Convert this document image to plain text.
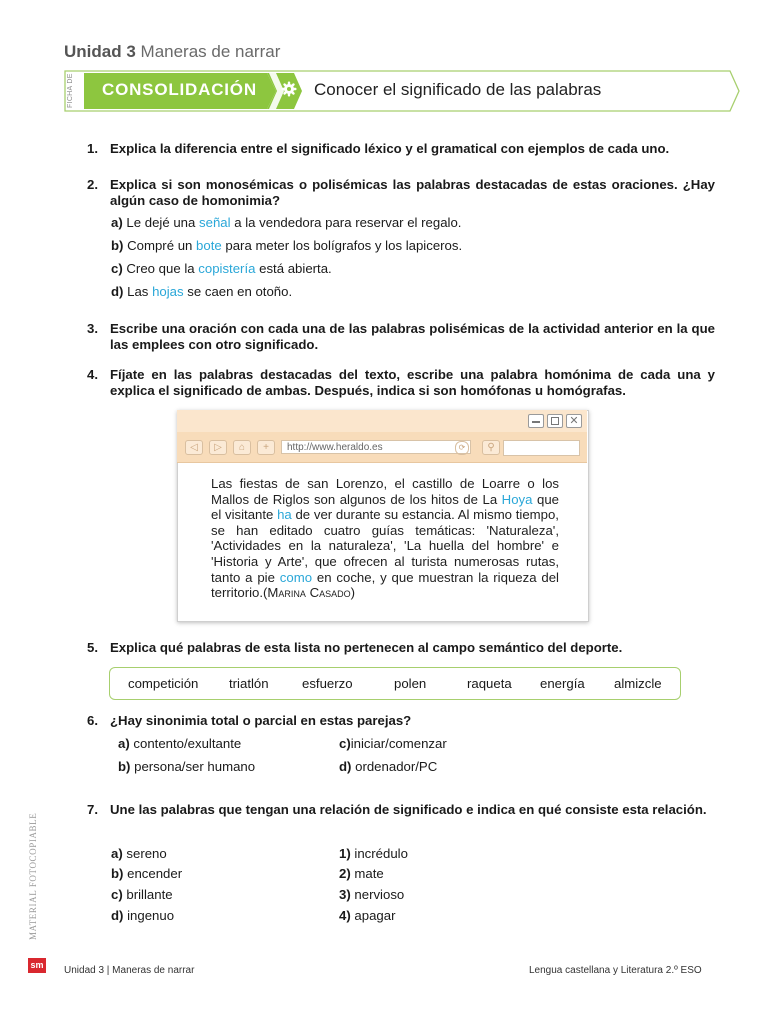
Unidad 3 Maneras de narrar
FICHA DE	CONSOLIDACIÓN	Conocer el significado de las palabras
1. Explica la diferencia entre el significado léxico y el gramatical con ejemplos de cada uno.
2. Explica si son monosémicas o polisémicas las palabras destacadas de estas oraciones. ¿Hay algún caso de homonimia?
a) Le dejé una señal a la vendedora para reservar el regalo.
b) Compré un bote para meter los bolígrafos y los lapiceros.
c) Creo que la copistería está abierta.
d) Las hojas se caen en otoño.
3. Escribe una oración con cada una de las palabras polisémicas de la actividad anterior en la que las emplees con otro significado.
4. Fíjate en las palabras destacadas del texto, escribe una palabra homónima de cada una y explica el significado de ambas. Después, indica si son homófonas u homógrafas.
✕
◁	▷	⌂	+	http://www.heraldo.es	⟳	⚲
Las fiestas de san Lorenzo, el castillo de Loarre o los Mallos de Riglos son algunos de los hitos de La Hoya que el visitante ha de ver durante su estancia. Al mismo tiempo, se han editado cuatro guías temáticas: 'Naturaleza', 'Actividades en la naturaleza', 'La huella del hombre' e 'Historia y Arte', que ofrecen al turista numerosas rutas, tanto a pie como en coche, y que muestran la riqueza del territorio.(Marina Casado)
5. Explica qué palabras de esta lista no pertenecen al campo semántico del deporte.
competición triatlón	esfuerzo	polen	raqueta energía almizcle
6. ¿Hay sinonimia total o parcial en estas parejas?
a) contento/exultante
b) persona/ser humano
c)iniciar/comenzar
d) ordenador/PC
7. Une las palabras que tengan una relación de significado e indica en qué consiste esta relación.
a) sereno
b) encender
c) brillante
d) ingenuo
1) incrédulo
2) mate
3) nervioso
4) apagar
MATERIAL FOTOCOPIABLE
sm Unidad 3 | Maneras de narrar	Lengua castellana y Literatura 2.º ESO
